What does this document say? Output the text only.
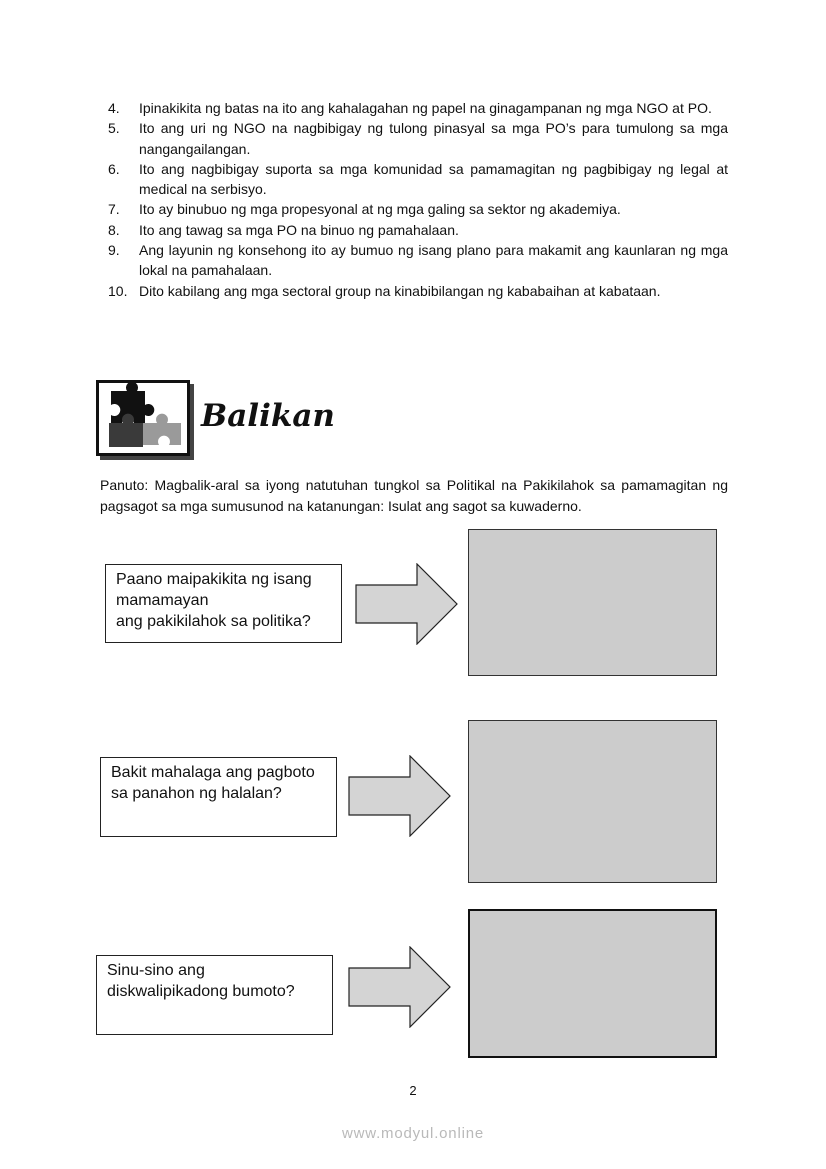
4.	Ipinakikita ng batas na ito ang kahalagahan ng papel na ginagampanan ng mga NGO at PO.
5.	Ito ang uri ng NGO na nagbibigay ng tulong pinasyal sa mga PO’s para tumulong sa mga nangangailangan.
6.	Ito ang nagbibigay suporta sa mga komunidad sa pamamagitan ng pagbibigay ng legal at medical na serbisyo.
7.	Ito ay binubuo ng mga propesyonal at ng mga galing sa sektor ng akademiya.
8.	Ito ang tawag sa mga PO na binuo ng pamahalaan.
9.	Ang layunin ng konsehong ito ay bumuo ng isang plano para makamit ang kaunlaran ng mga lokal na pamahalaan.
10. Dito kabilang ang mga sectoral group na kinabibilangan ng kababaihan at kabataan.
Balikan
Panuto: Magbalik-aral sa iyong natutuhan tungkol sa Politikal na Pakikilahok sa pamamagitan ng pagsagot sa mga sumusunod na katanungan: Isulat ang sagot sa kuwaderno.
Paano maipakikita ng isang
mamamayan
ang pakikilahok sa politika?
Bakit mahalaga ang pagboto
sa panahon ng halalan?
Sinu-sino ang
diskwalipikadong bumoto?
2
www.modyul.online
